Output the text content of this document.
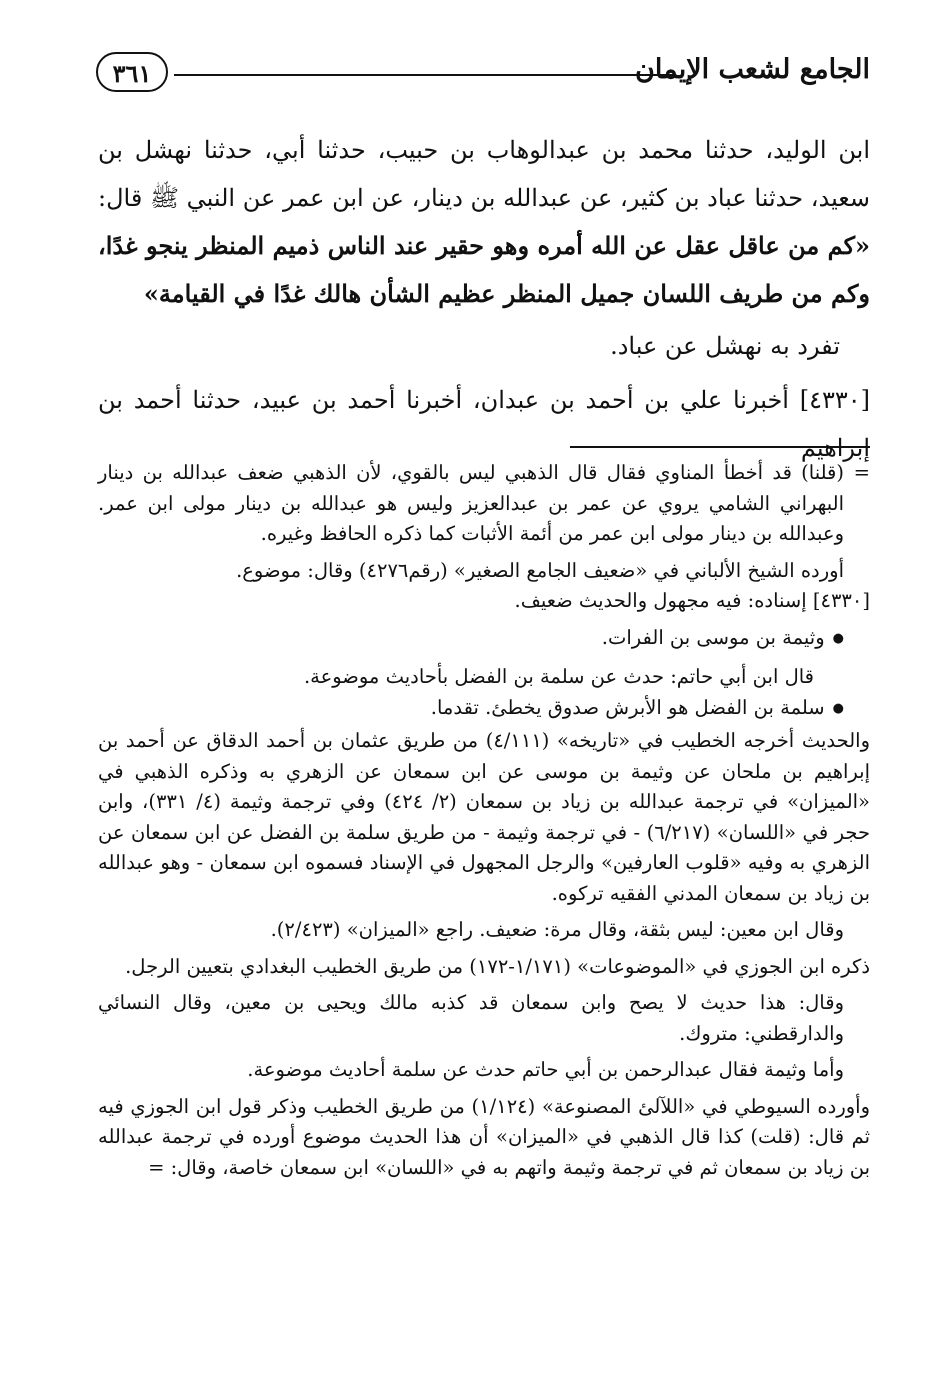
الجامع لشعب الإيمان
٣٦١

ابن الوليد، حدثنا محمد بن عبدالوهاب بن حبيب، حدثنا أبي، حدثنا نهشل بن سعيد، حدثنا عباد بن كثير، عن عبدالله بن دينار، عن ابن عمر عن النبي ﷺ قال: «كم من عاقل عقل عن الله أمره وهو حقير عند الناس ذميم المنظر ينجو غدًا، وكم من طريف اللسان جميل المنظر عظيم الشأن هالك غدًا في القيامة»

تفرد به نهشل عن عباد.

[٤٣٣٠] أخبرنا علي بن أحمد بن عبدان، أخبرنا أحمد بن عبيد، حدثنا أحمد بن إبراهيم

=
(قلنا) قد أخطأ المناوي فقال قال الذهبي ليس بالقوي، لأن الذهبي ضعف عبدالله بن دينار البهراني الشامي يروي عن عمر بن عبدالعزيز وليس هو عبدالله بن دينار مولى ابن عمر. وعبدالله بن دينار مولى ابن عمر من أئمة الأثبات كما ذكره الحافظ وغيره.

أورده الشيخ الألباني في «ضعيف الجامع الصغير» (رقم٤٢٧٦) وقال: موضوع.

[٤٣٣٠] إسناده: فيه مجهول والحديث ضعيف.

● وثيمة بن موسى بن الفرات.

قال ابن أبي حاتم: حدث عن سلمة بن الفضل بأحاديث موضوعة.

● سلمة بن الفضل هو الأبرش صدوق يخطئ. تقدما.

والحديث أخرجه الخطيب في «تاريخه» (٤/١١١) من طريق عثمان بن أحمد الدقاق عن أحمد بن إبراهيم بن ملحان عن وثيمة بن موسى عن ابن سمعان عن الزهري به وذكره الذهبي في «الميزان» في ترجمة عبدالله بن زياد بن سمعان (٢/ ٤٢٤) وفي ترجمة وثيمة (٤/ ٣٣١)، وابن حجر في «اللسان» (٦/٢١٧) - في ترجمة وثيمة - من طريق سلمة بن الفضل عن ابن سمعان عن الزهري به وفيه «قلوب العارفين» والرجل المجهول في الإسناد فسموه ابن سمعان - وهو عبدالله بن زياد بن سمعان المدني الفقيه تركوه.

وقال ابن معين: ليس بثقة، وقال مرة: ضعيف. راجع «الميزان» (٢/٤٢٣).

ذكره ابن الجوزي في «الموضوعات» (١/١٧١-١٧٢) من طريق الخطيب البغدادي بتعيين الرجل.

وقال: هذا حديث لا يصح وابن سمعان قد كذبه مالك ويحيى بن معين، وقال النسائي والدارقطني: متروك.

وأما وثيمة فقال عبدالرحمن بن أبي حاتم حدث عن سلمة أحاديث موضوعة.

وأورده السيوطي في «اللآلئ المصنوعة» (١/١٢٤) من طريق الخطيب وذكر قول ابن الجوزي فيه ثم قال: (قلت) كذا قال الذهبي في «الميزان» أن هذا الحديث موضوع أورده في ترجمة عبدالله بن زياد بن سمعان ثم في ترجمة وثيمة واتهم به في «اللسان» ابن سمعان خاصة، وقال: =
